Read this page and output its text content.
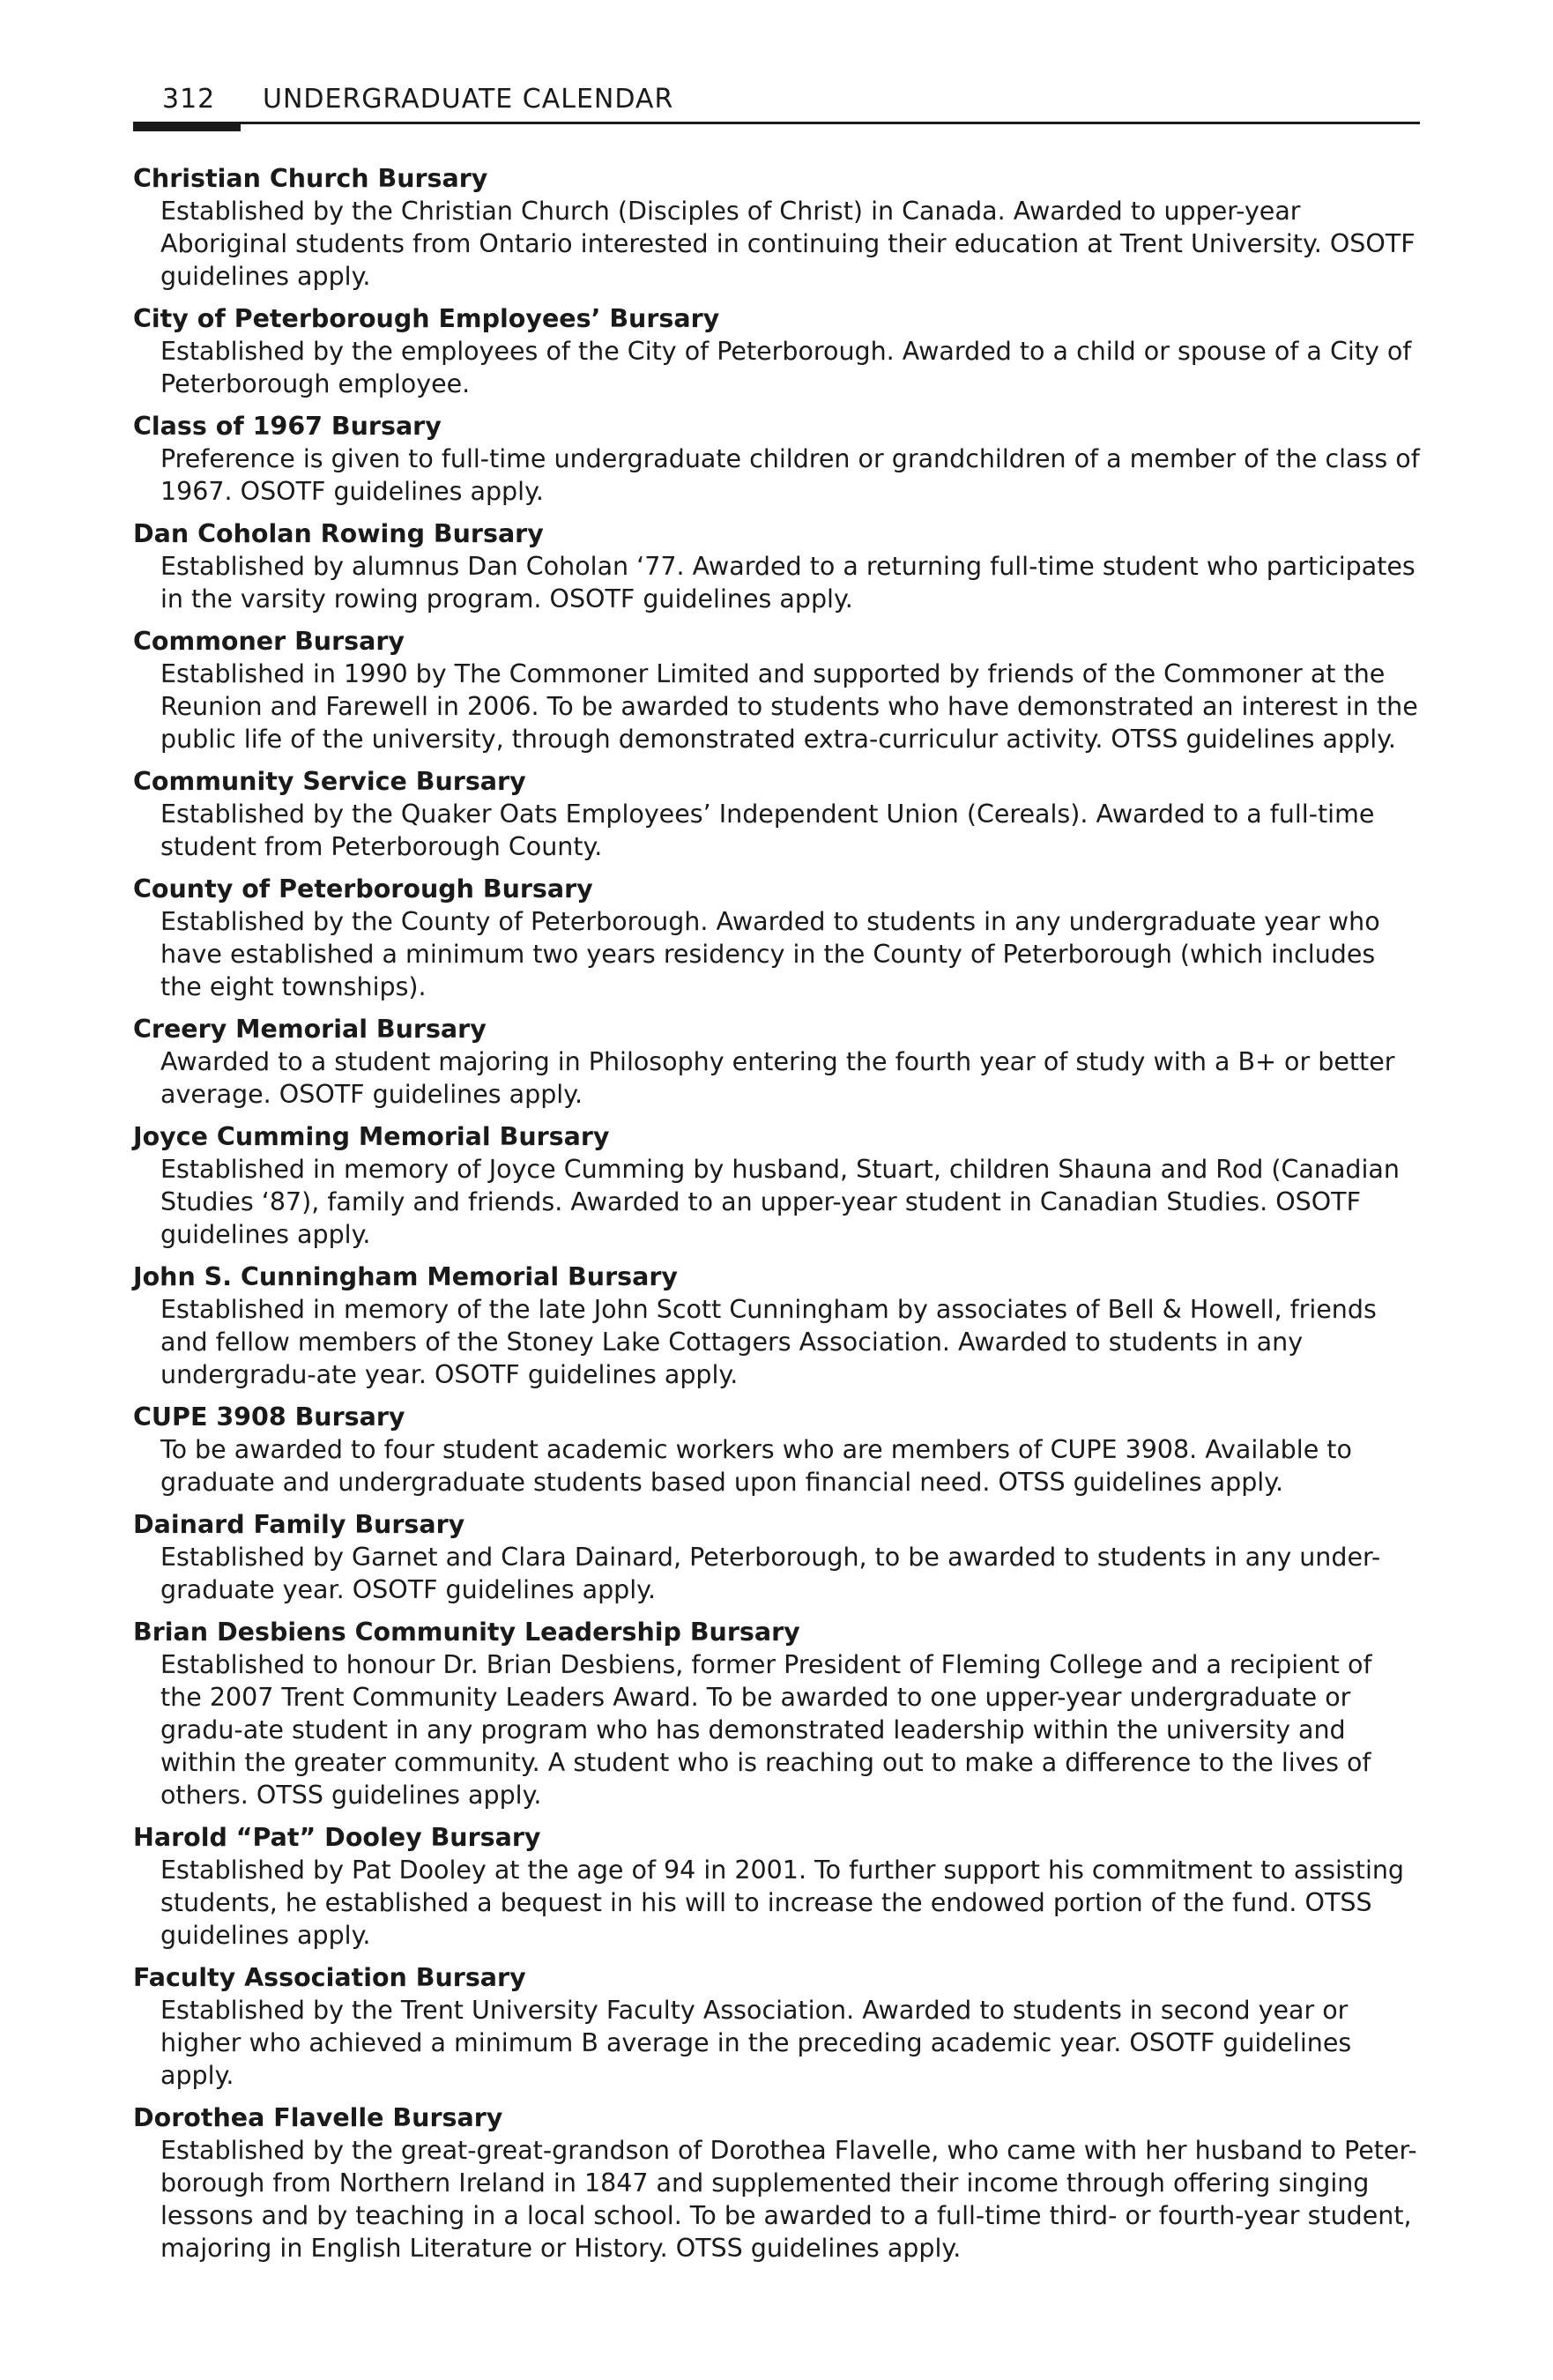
312 UNDERGRADUATE CALENDAR
Christian Church Bursary
Established by the Christian Church (Disciples of Christ) in Canada. Awarded to upper-year Aboriginal students from Ontario interested in continuing their education at Trent University. OSOTF guidelines apply.
City of Peterborough Employees’ Bursary
Established by the employees of the City of Peterborough. Awarded to a child or spouse of a City of Peterborough employee.
Class of 1967 Bursary
Preference is given to full-time undergraduate children or grandchildren of a member of the class of 1967. OSOTF guidelines apply.
Dan Coholan Rowing Bursary
Established by alumnus Dan Coholan ‘77. Awarded to a returning full-time student who participates in the varsity rowing program. OSOTF guidelines apply.
Commoner Bursary
Established in 1990 by The Commoner Limited and supported by friends of the Commoner at the Reunion and Farewell in 2006. To be awarded to students who have demonstrated an interest in the public life of the university, through demonstrated extra-curriculur activity. OTSS guidelines apply.
Community Service Bursary
Established by the Quaker Oats Employees’ Independent Union (Cereals). Awarded to a full-time student from Peterborough County.
County of Peterborough Bursary
Established by the County of Peterborough. Awarded to students in any undergraduate year who have established a minimum two years residency in the County of Peterborough (which includes the eight townships).
Creery Memorial Bursary
Awarded to a student majoring in Philosophy entering the fourth year of study with a B+ or better average. OSOTF guidelines apply.
Joyce Cumming Memorial Bursary
Established in memory of Joyce Cumming by husband, Stuart, children Shauna and Rod (Canadian Studies ‘87), family and friends. Awarded to an upper-year student in Canadian Studies. OSOTF guidelines apply.
John S. Cunningham Memorial Bursary
Established in memory of the late John Scott Cunningham by associates of Bell & Howell, friends and fellow members of the Stoney Lake Cottagers Association. Awarded to students in any undergradu-ate year. OSOTF guidelines apply.
CUPE 3908 Bursary
To be awarded to four student academic workers who are members of CUPE 3908. Available to graduate and undergraduate students based upon financial need. OTSS guidelines apply.
Dainard Family Bursary
Established by Garnet and Clara Dainard, Peterborough, to be awarded to students in any under-graduate year. OSOTF guidelines apply.
Brian Desbiens Community Leadership Bursary
Established to honour Dr. Brian Desbiens, former President of Fleming College and a recipient of the 2007 Trent Community Leaders Award. To be awarded to one upper-year undergraduate or gradu-ate student in any program who has demonstrated leadership within the university and within the greater community. A student who is reaching out to make a difference to the lives of others. OTSS guidelines apply.
Harold “Pat” Dooley Bursary
Established by Pat Dooley at the age of 94 in 2001. To further support his commitment to assisting students, he established a bequest in his will to increase the endowed portion of the fund. OTSS guidelines apply.
Faculty Association Bursary
Established by the Trent University Faculty Association. Awarded to students in second year or higher who achieved a minimum B average in the preceding academic year. OSOTF guidelines apply.
Dorothea Flavelle Bursary
Established by the great-great-grandson of Dorothea Flavelle, who came with her husband to Peter-borough from Northern Ireland in 1847 and supplemented their income through offering singing lessons and by teaching in a local school. To be awarded to a full-time third- or fourth-year student, majoring in English Literature or History. OTSS guidelines apply.
